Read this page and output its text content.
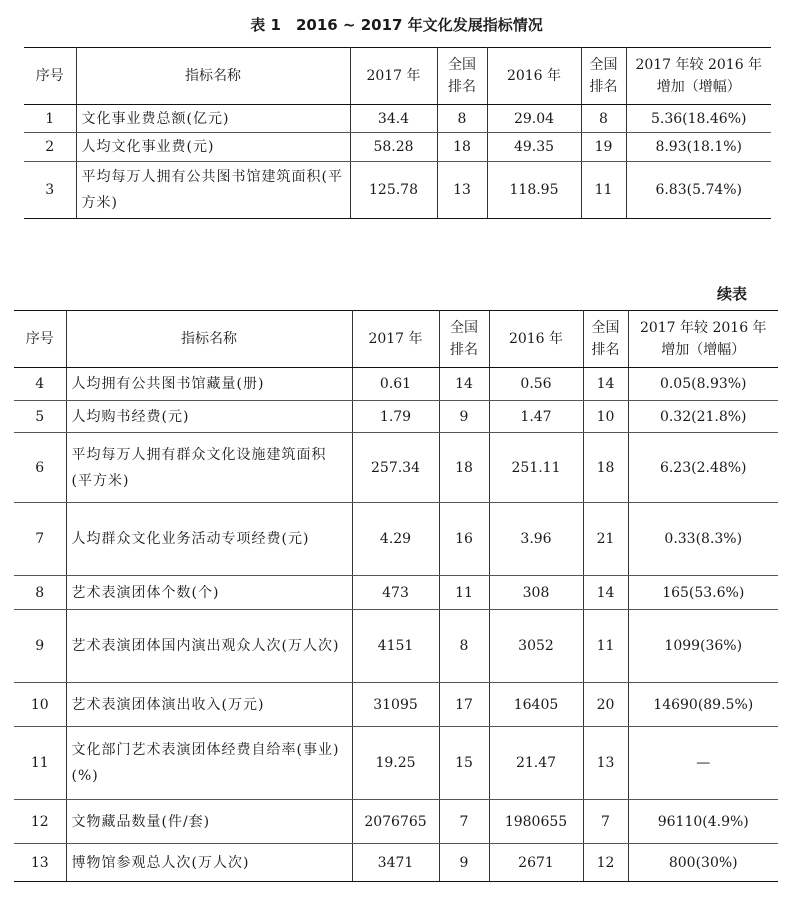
表 1　2016 ~ 2017 年文化发展指标情况
序号	指标名称	2017 年	全国排名	2016 年	全国排名	2017 年较 2016 年增加（增幅）
1	文化事业费总额(亿元)	34.4	8	29.04	8	5.36(18.46%)
2	人均文化事业费(元)	58.28	18	49.35	19	8.93(18.1%)
3	平均每万人拥有公共图书馆建筑面积(平方米)	125.78	13	118.95	11	6.83(5.74%)
续表
序号	指标名称	2017 年	全国排名	2016 年	全国排名	2017 年较 2016 年增加（增幅）
4	人均拥有公共图书馆藏量(册)	0.61	14	0.56	14	0.05(8.93%)
5	人均购书经费(元)	1.79	9	1.47	10	0.32(21.8%)
6	平均每万人拥有群众文化设施建筑面积(平方米)	257.34	18	251.11	18	6.23(2.48%)
7	人均群众文化业务活动专项经费(元)	4.29	16	3.96	21	0.33(8.3%)
8	艺术表演团体个数(个)	473	11	308	14	165(53.6%)
9	艺术表演团体国内演出观众人次(万人次)	4151	8	3052	11	1099(36%)
10	艺术表演团体演出收入(万元)	31095	17	16405	20	14690(89.5%)
11	文化部门艺术表演团体经费自给率(事业)(%)	19.25	15	21.47	13	—
12	文物藏品数量(件/套)	2076765	7	1980655	7	96110(4.9%)
13	博物馆参观总人次(万人次)	3471	9	2671	12	800(30%)
